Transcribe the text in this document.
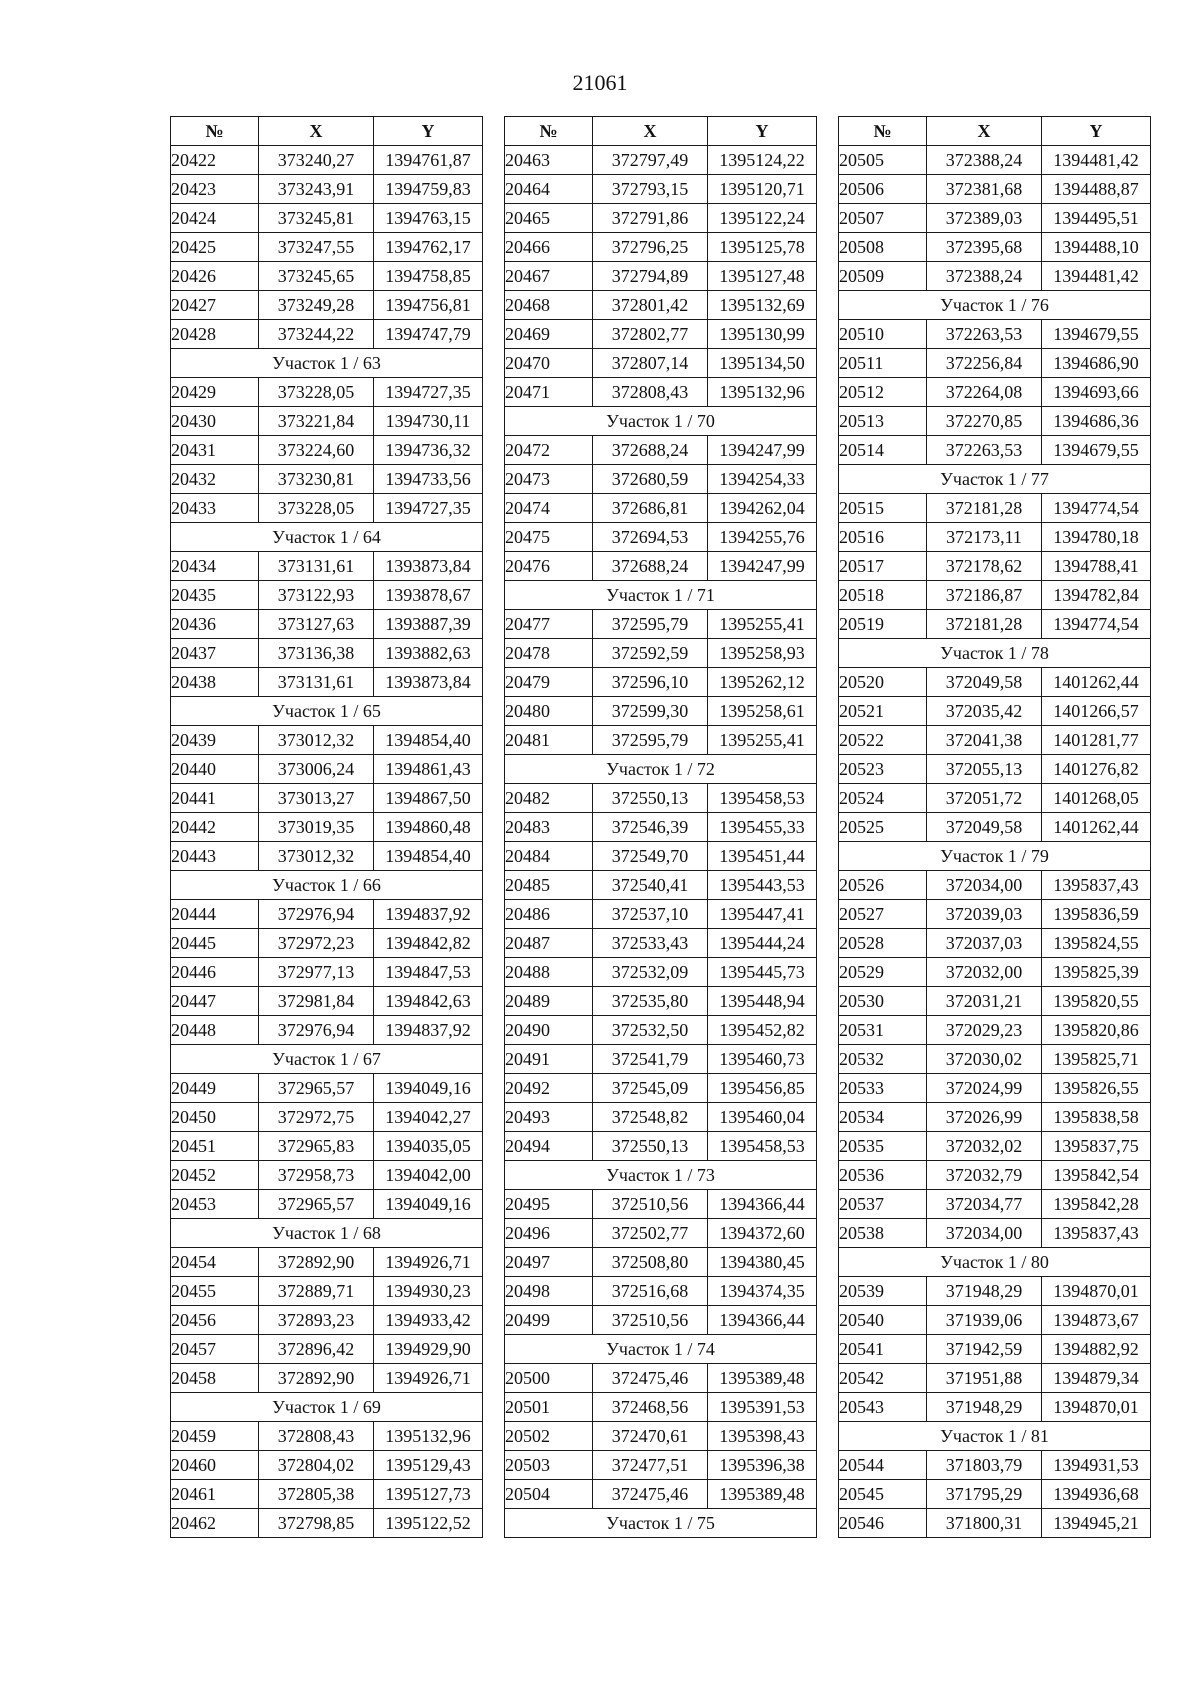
21061
№	X	Y
20422	373240,27	1394761,87
20423	373243,91	1394759,83
20424	373245,81	1394763,15
20425	373247,55	1394762,17
20426	373245,65	1394758,85
20427	373249,28	1394756,81
20428	373244,22	1394747,79
Участок 1 / 63		
20429	373228,05	1394727,35
20430	373221,84	1394730,11
20431	373224,60	1394736,32
20432	373230,81	1394733,56
20433	373228,05	1394727,35
Участок 1 / 64		
20434	373131,61	1393873,84
20435	373122,93	1393878,67
20436	373127,63	1393887,39
20437	373136,38	1393882,63
20438	373131,61	1393873,84
Участок 1 / 65		
20439	373012,32	1394854,40
20440	373006,24	1394861,43
20441	373013,27	1394867,50
20442	373019,35	1394860,48
20443	373012,32	1394854,40
Участок 1 / 66		
20444	372976,94	1394837,92
20445	372972,23	1394842,82
20446	372977,13	1394847,53
20447	372981,84	1394842,63
20448	372976,94	1394837,92
Участок 1 / 67		
20449	372965,57	1394049,16
20450	372972,75	1394042,27
20451	372965,83	1394035,05
20452	372958,73	1394042,00
20453	372965,57	1394049,16
Участок 1 / 68		
20454	372892,90	1394926,71
20455	372889,71	1394930,23
20456	372893,23	1394933,42
20457	372896,42	1394929,90
20458	372892,90	1394926,71
Участок 1 / 69		
20459	372808,43	1395132,96
20460	372804,02	1395129,43
20461	372805,38	1395127,73
20462	372798,85	1395122,52
№	X	Y
20463	372797,49	1395124,22
20464	372793,15	1395120,71
20465	372791,86	1395122,24
20466	372796,25	1395125,78
20467	372794,89	1395127,48
20468	372801,42	1395132,69
20469	372802,77	1395130,99
20470	372807,14	1395134,50
20471	372808,43	1395132,96
Участок 1 / 70		
20472	372688,24	1394247,99
20473	372680,59	1394254,33
20474	372686,81	1394262,04
20475	372694,53	1394255,76
20476	372688,24	1394247,99
Участок 1 / 71		
20477	372595,79	1395255,41
20478	372592,59	1395258,93
20479	372596,10	1395262,12
20480	372599,30	1395258,61
20481	372595,79	1395255,41
Участок 1 / 72		
20482	372550,13	1395458,53
20483	372546,39	1395455,33
20484	372549,70	1395451,44
20485	372540,41	1395443,53
20486	372537,10	1395447,41
20487	372533,43	1395444,24
20488	372532,09	1395445,73
20489	372535,80	1395448,94
20490	372532,50	1395452,82
20491	372541,79	1395460,73
20492	372545,09	1395456,85
20493	372548,82	1395460,04
20494	372550,13	1395458,53
Участок 1 / 73		
20495	372510,56	1394366,44
20496	372502,77	1394372,60
20497	372508,80	1394380,45
20498	372516,68	1394374,35
20499	372510,56	1394366,44
Участок 1 / 74		
20500	372475,46	1395389,48
20501	372468,56	1395391,53
20502	372470,61	1395398,43
20503	372477,51	1395396,38
20504	372475,46	1395389,48
Участок 1 / 75		
№	X	Y
20505	372388,24	1394481,42
20506	372381,68	1394488,87
20507	372389,03	1394495,51
20508	372395,68	1394488,10
20509	372388,24	1394481,42
Участок 1 / 76		
20510	372263,53	1394679,55
20511	372256,84	1394686,90
20512	372264,08	1394693,66
20513	372270,85	1394686,36
20514	372263,53	1394679,55
Участок 1 / 77		
20515	372181,28	1394774,54
20516	372173,11	1394780,18
20517	372178,62	1394788,41
20518	372186,87	1394782,84
20519	372181,28	1394774,54
Участок 1 / 78		
20520	372049,58	1401262,44
20521	372035,42	1401266,57
20522	372041,38	1401281,77
20523	372055,13	1401276,82
20524	372051,72	1401268,05
20525	372049,58	1401262,44
Участок 1 / 79		
20526	372034,00	1395837,43
20527	372039,03	1395836,59
20528	372037,03	1395824,55
20529	372032,00	1395825,39
20530	372031,21	1395820,55
20531	372029,23	1395820,86
20532	372030,02	1395825,71
20533	372024,99	1395826,55
20534	372026,99	1395838,58
20535	372032,02	1395837,75
20536	372032,79	1395842,54
20537	372034,77	1395842,28
20538	372034,00	1395837,43
Участок 1 / 80		
20539	371948,29	1394870,01
20540	371939,06	1394873,67
20541	371942,59	1394882,92
20542	371951,88	1394879,34
20543	371948,29	1394870,01
Участок 1 / 81		
20544	371803,79	1394931,53
20545	371795,29	1394936,68
20546	371800,31	1394945,21
